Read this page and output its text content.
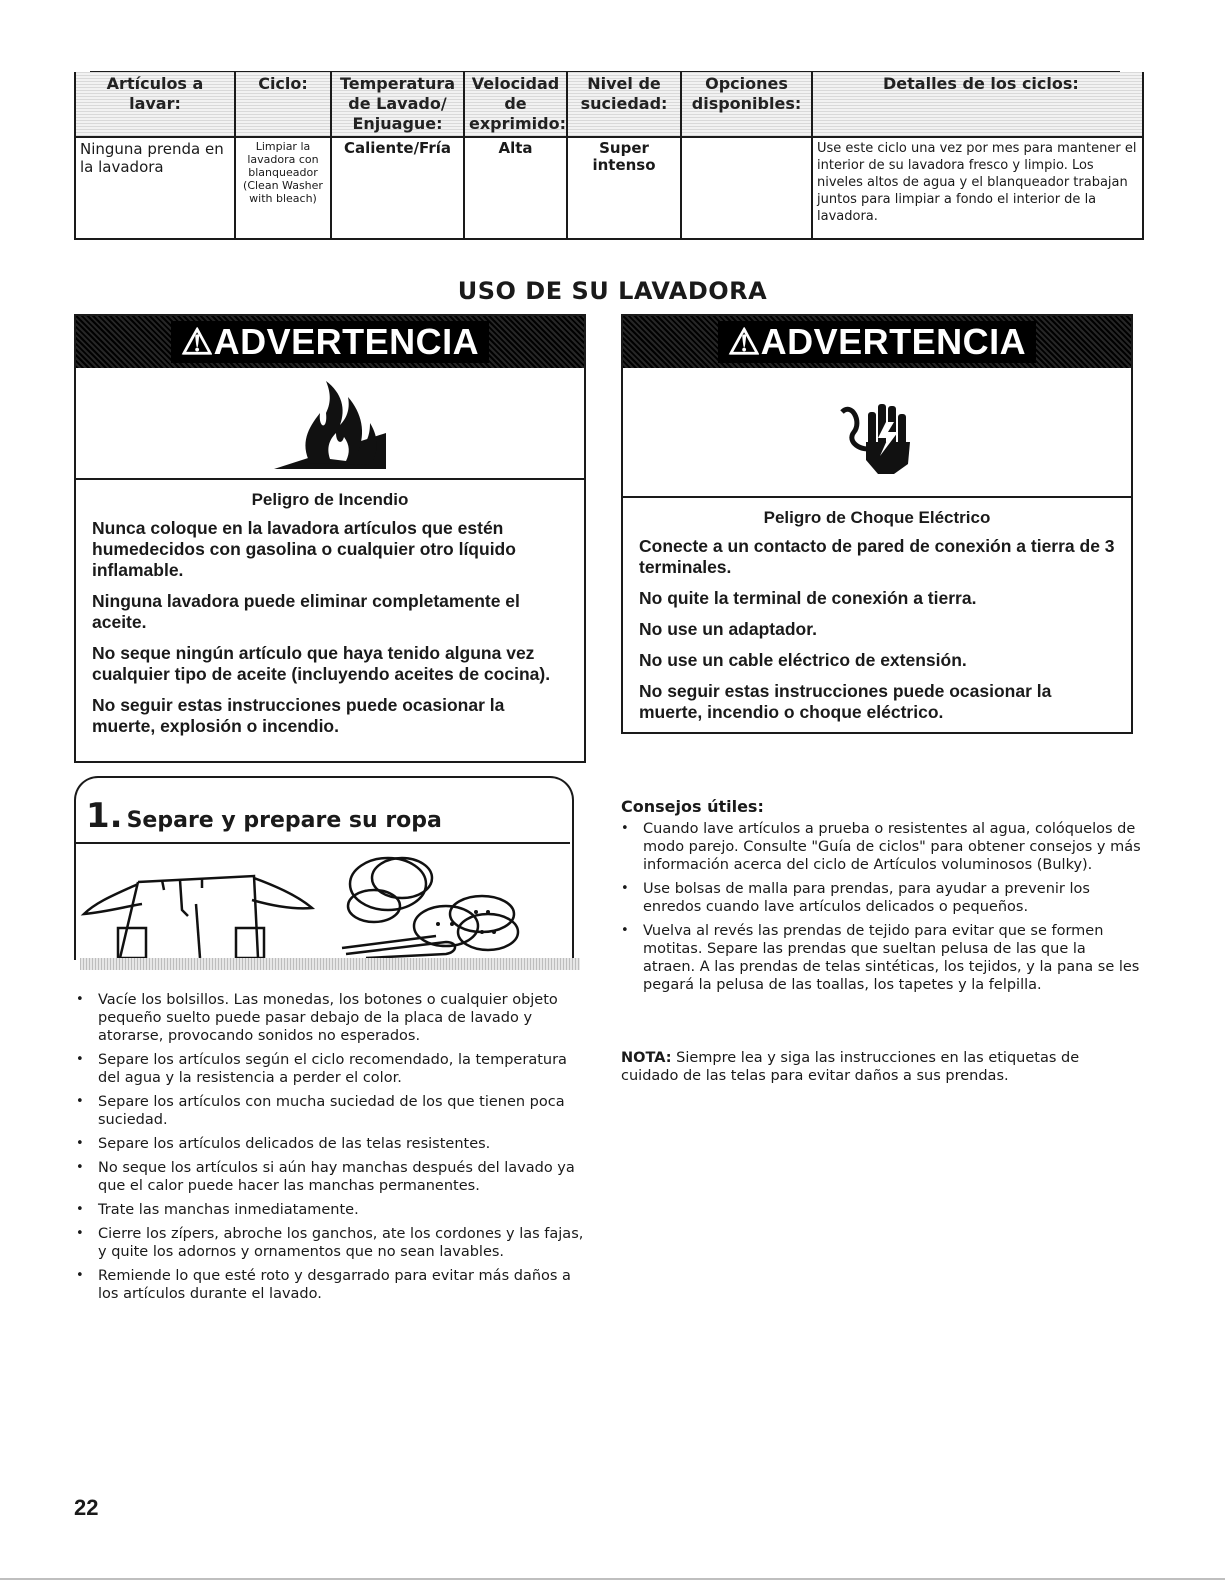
Artículos a lavar:	Ciclo:	Temperatura de Lavado/ Enjuague:	Velocidad de exprimido:	Nivel de suciedad:	Opciones disponibles:	Detalles de los ciclos:
Ninguna prenda en la lavadora	Limpiar la lavadora con blanqueador (Clean Washer with bleach)	Caliente/Fría	Alta	Super intenso		Use este ciclo una vez por mes para mantener el interior de su lavadora fresco y limpio. Los niveles altos de agua y el blanqueador trabajan juntos para limpiar a fondo el interior de la lavadora.
USO DE SU LAVADORA
⚠ADVERTENCIA
Peligro de Incendio

Nunca coloque en la lavadora artículos que estén humedecidos con gasolina o cualquier otro líquido inflamable.

Ninguna lavadora puede eliminar completamente el aceite.

No seque ningún artículo que haya tenido alguna vez cualquier tipo de aceite (incluyendo aceites de cocina).

No seguir estas instrucciones puede ocasionar la muerte, explosión o incendio.

⚠ADVERTENCIA
Peligro de Choque Eléctrico

Conecte a un contacto de pared de conexión a tierra de 3 terminales.

No quite la terminal de conexión a tierra.

No use un adaptador.

No use un cable eléctrico de extensión.

No seguir estas instrucciones puede ocasionar la muerte, incendio o choque eléctrico.

1. Separe y prepare su ropa
• Vacíe los bolsillos. Las monedas, los botones o cualquier objeto pequeño suelto puede pasar debajo de la placa de lavado y atorarse, provocando sonidos no esperados.
• Separe los artículos según el ciclo recomendado, la temperatura del agua y la resistencia a perder el color.
• Separe los artículos con mucha suciedad de los que tienen poca suciedad.
• Separe los artículos delicados de las telas resistentes.
• No seque los artículos si aún hay manchas después del lavado ya que el calor puede hacer las manchas permanentes.
• Trate las manchas inmediatamente.
• Cierre los zípers, abroche los ganchos, ate los cordones y las fajas, y quite los adornos y ornamentos que no sean lavables.
• Remiende lo que esté roto y desgarrado para evitar más daños a los artículos durante el lavado.
Consejos útiles:
• Cuando lave artículos a prueba o resistentes al agua, colóquelos de modo parejo. Consulte "Guía de ciclos" para obtener consejos y más información acerca del ciclo de Artículos voluminosos (Bulky).
• Use bolsas de malla para prendas, para ayudar a prevenir los enredos cuando lave artículos delicados o pequeños.
• Vuelva al revés las prendas de tejido para evitar que se formen motitas. Separe las prendas que sueltan pelusa de las que la atraen. A las prendas de telas sintéticas, los tejidos, y la pana se les pegará la pelusa de las toallas, los tapetes y la felpilla.
NOTA: Siempre lea y siga las instrucciones en las etiquetas de cuidado de las telas para evitar daños a sus prendas.
22
